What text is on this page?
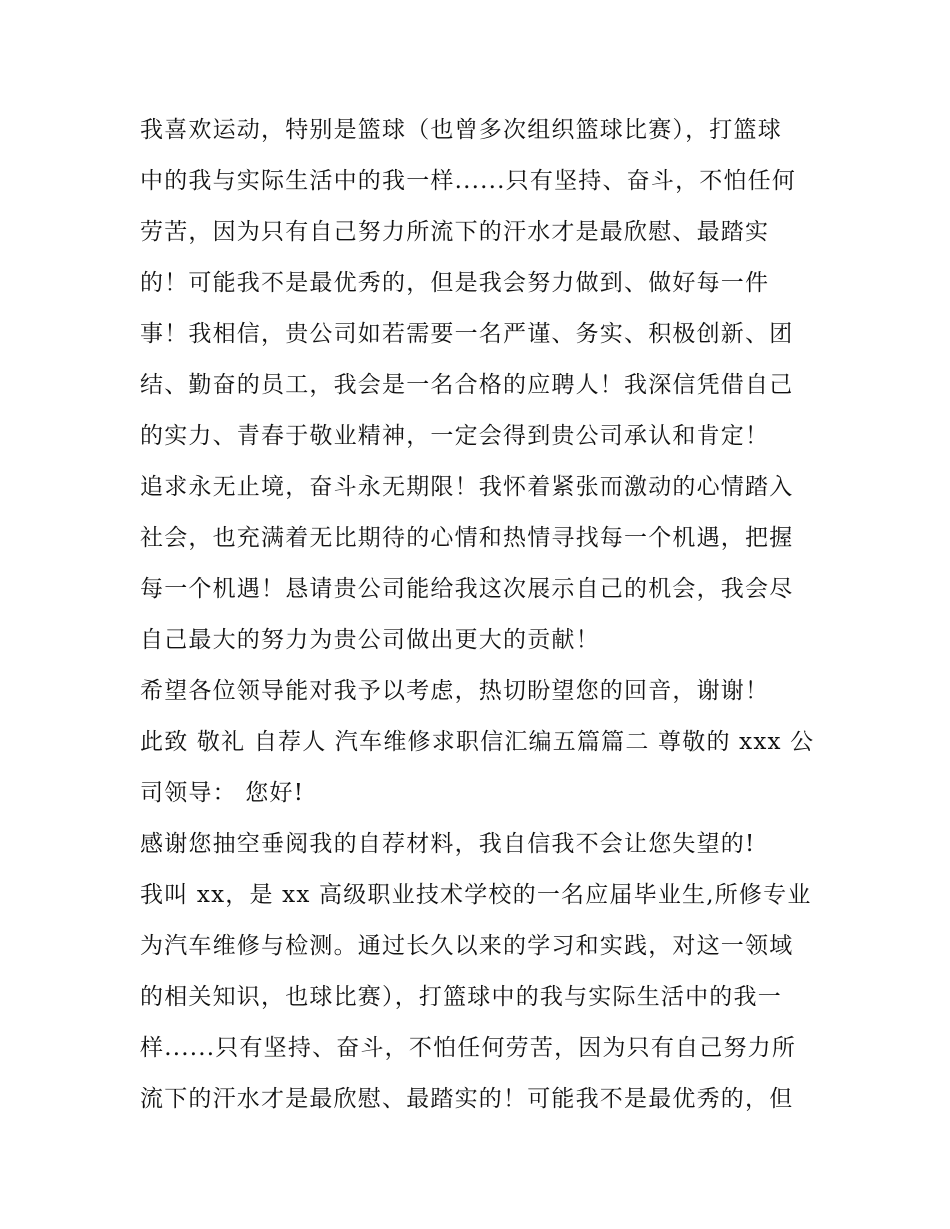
我喜欢运动，特别是篮球（也曾多次组织篮球比赛），打篮球
中的我与实际生活中的我一样......只有坚持、奋斗，不怕任何
劳苦，因为只有自己努力所流下的汗水才是最欣慰、最踏实
的！可能我不是最优秀的，但是我会努力做到、做好每一件
事！我相信，贵公司如若需要一名严谨、务实、积极创新、团
结、勤奋的员工，我会是一名合格的应聘人！我深信凭借自己
的实力、青春于敬业精神，一定会得到贵公司承认和肯定！
追求永无止境，奋斗永无期限！我怀着紧张而激动的心情踏入
社会，也充满着无比期待的心情和热情寻找每一个机遇，把握
每一个机遇！恳请贵公司能给我这次展示自己的机会，我会尽
自己最大的努力为贵公司做出更大的贡献！
希望各位领导能对我予以考虑，热切盼望您的回音，谢谢！
此致 敬礼 自荐人 汽车维修求职信汇编五篇篇二 尊敬的 xxx 公
司领导： 您好!
感谢您抽空垂阅我的自荐材料，我自信我不会让您失望的!
我叫 xx，是 xx 高级职业技术学校的一名应届毕业生,所修专业
为汽车维修与检测。通过长久以来的学习和实践，对这一领域
的相关知识，也球比赛），打篮球中的我与实际生活中的我一
样......只有坚持、奋斗，不怕任何劳苦，因为只有自己努力所
流下的汗水才是最欣慰、最踏实的！可能我不是最优秀的，但
